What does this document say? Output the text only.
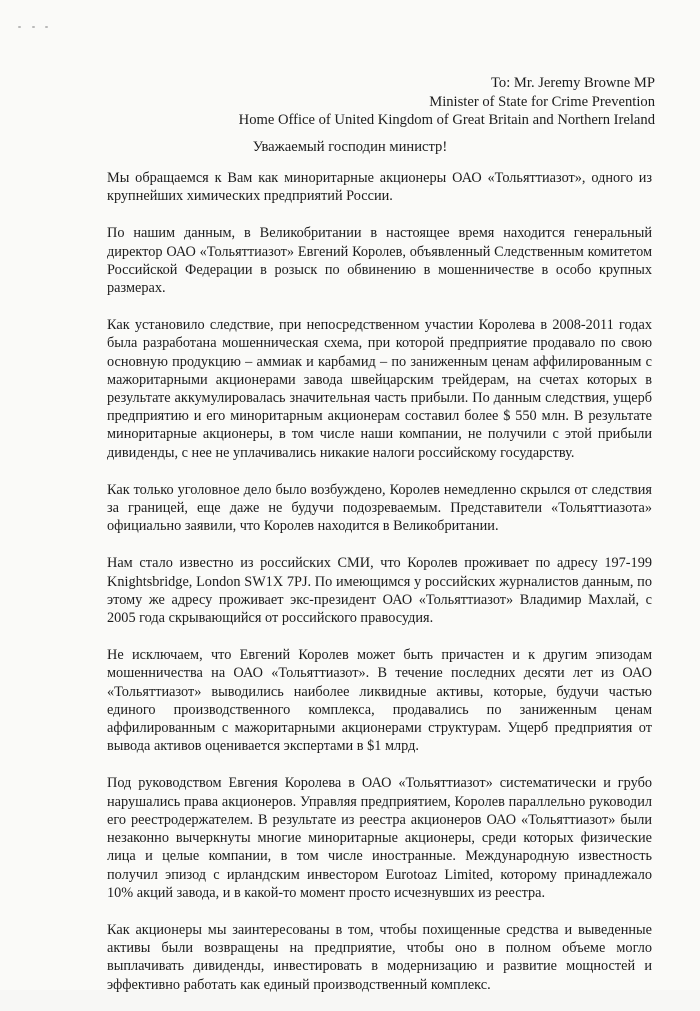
To: Mr. Jeremy Browne MP
Minister of State for Crime Prevention
Home Office of United Kingdom of Great Britain and Northern Ireland
Уважаемый господин министр!

Мы обращаемся к Вам как миноритарные акционеры ОАО «Тольяттиазот», одного из крупнейших химических предприятий России.

По нашим данным, в Великобритании в настоящее время находится генеральный директор ОАО «Тольяттиазот» Евгений Королев, объявленный Следственным комитетом Российской Федерации в розыск по обвинению в мошенничестве в особо крупных размерах.

Как установило следствие, при непосредственном участии Королева в 2008-2011 годах была разработана мошенническая схема, при которой предприятие продавало по свою основную продукцию – аммиак и карбамид – по заниженным ценам аффилированным с мажоритарными акционерами завода швейцарским трейдерам, на счетах которых в результате аккумулировалась значительная часть прибыли. По данным следствия, ущерб предприятию и его миноритарным акционерам составил более $ 550 млн. В результате миноритарные акционеры, в том числе наши компании, не получили с этой прибыли дивиденды, с нее не уплачивались никакие налоги российскому государству.

Как только уголовное дело было возбуждено, Королев немедленно скрылся от следствия за границей, еще даже не будучи подозреваемым. Представители «Тольяттиазота» официально заявили, что Королев находится в Великобритании.

Нам стало известно из российских СМИ, что Королев проживает по адресу 197-199 Knightsbridge, London SW1X 7PJ. По имеющимся у российских журналистов данным, по этому же адресу проживает экс-президент ОАО «Тольяттиазот» Владимир Махлай, с 2005 года скрывающийся от российского правосудия.

Не исключаем, что Евгений Королев может быть причастен и к другим эпизодам мошенничества на ОАО «Тольяттиазот». В течение последних десяти лет из ОАО «Тольяттиазот» выводились наиболее ликвидные активы, которые, будучи частью единого производственного комплекса, продавались по заниженным ценам аффилированным с мажоритарными акционерами структурам. Ущерб предприятия от вывода активов оценивается экспертами в $1 млрд.

Под руководством Евгения Королева в ОАО «Тольяттиазот» систематически и грубо нарушались права акционеров. Управляя предприятием, Королев параллельно руководил его реестродержателем. В результате из реестра акционеров ОАО «Тольяттиазот» были незаконно вычеркнуты многие миноритарные акционеры, среди которых физические лица и целые компании, в том числе иностранные. Международную известность получил эпизод с ирландским инвестором Eurotoaz Limited, которому принадлежало 10% акций завода, и в какой-то момент просто исчезнувших из реестра.

Как акционеры мы заинтересованы в том, чтобы похищенные средства и выведенные активы были возвращены на предприятие, чтобы оно в полном объеме могло выплачивать дивиденды, инвестировать в модернизацию и развитие мощностей и эффективно работать как единый производственный комплекс.
